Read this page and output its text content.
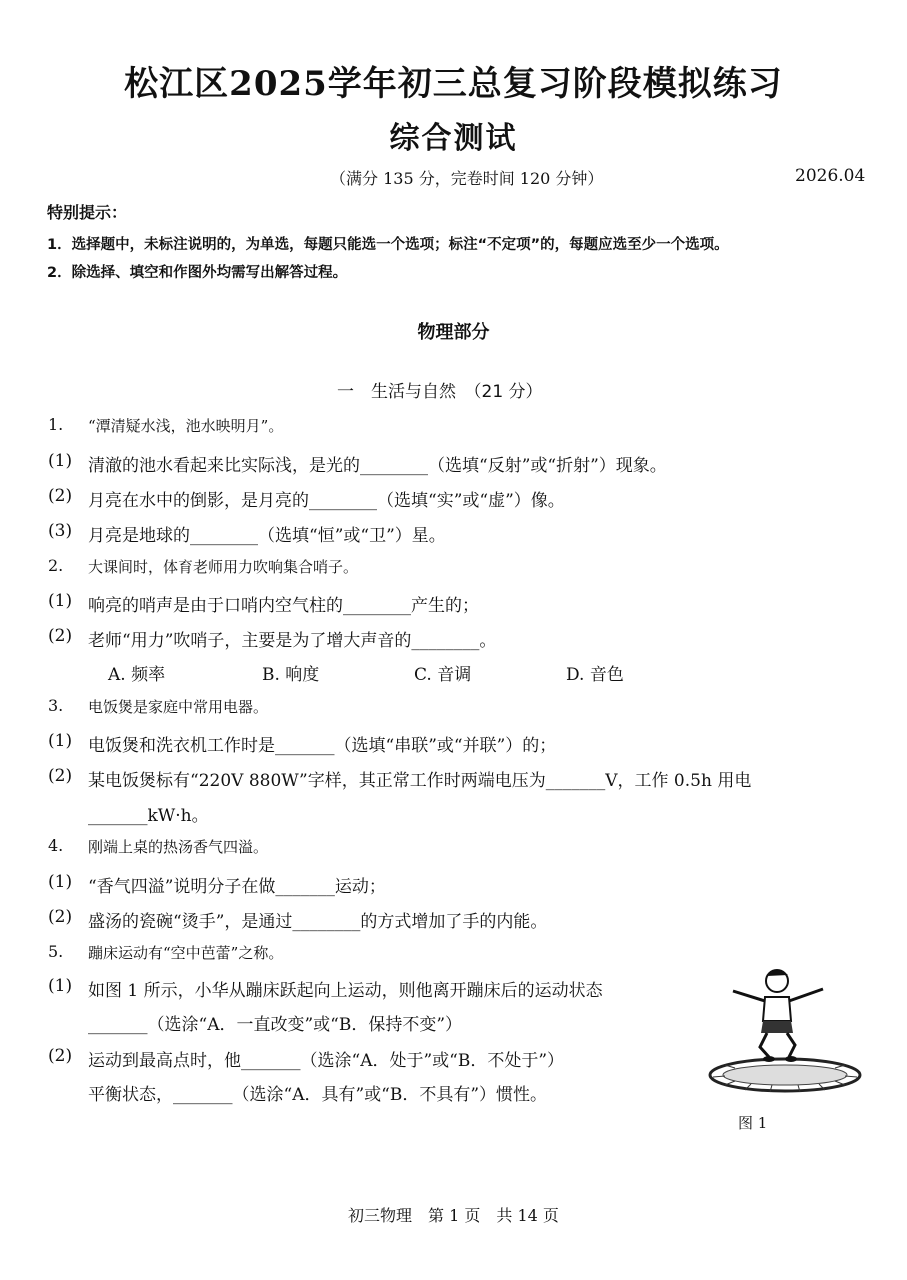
松江区2025学年初三总复习阶段模拟练习
综合测试
（满分 135 分，完卷时间 120 分钟）	2026.04
特别提示：
1．选择题中，未标注说明的，为单选，每题只能选一个选项；标注“不定项”的，每题应选至少一个选项。
2．除选择、填空和作图外均需写出解答过程。
物理部分
一　生活与自然　（21 分）
1. “潭清疑水浅，池水映明月”。
(1) 清澈的池水看起来比实际浅，是光的________（选填“反射”或“折射”）现象。
(2) 月亮在水中的倒影，是月亮的________（选填“实”或“虚”）像。
(3) 月亮是地球的________（选填“恒”或“卫”）星。
2. 大课间时，体育老师用力吹响集合哨子。
(1) 响亮的哨声是由于口哨内空气柱的________产生的；
(2) 老师“用力”吹哨子，主要是为了增大声音的________。
A. 频率	B. 响度	C. 音调	D. 音色
3. 电饭煲是家庭中常用电器。
(1) 电饭煲和洗衣机工作时是_______（选填“串联”或“并联”）的；
(2) 某电饭煲标有“220V 880W”字样，其正常工作时两端电压为_______V，工作 0.5h 用电
_______kW·h。
4. 刚端上桌的热汤香气四溢。
(1) “香气四溢”说明分子在做_______运动；
(2) 盛汤的瓷碗“烫手”，是通过________的方式增加了手的内能。
5. 蹦床运动有“空中芭蕾”之称。
(1) 如图 1 所示，小华从蹦床跃起向上运动，则他离开蹦床后的运动状态
_______（选涂“A．一直改变”或“B．保持不变”）
(2) 运动到最高点时，他_______（选涂“A．处于”或“B．不处于”）
平衡状态，_______（选涂“A．具有”或“B．不具有”）惯性。
图 1
初三物理　第 1 页　共 14 页
